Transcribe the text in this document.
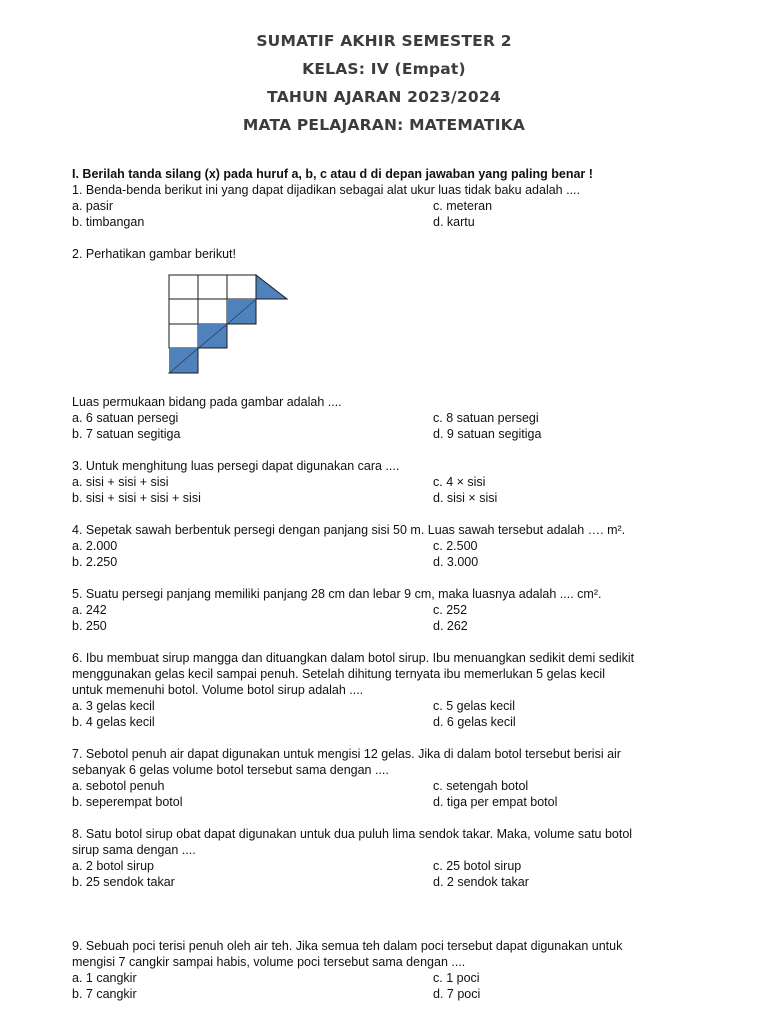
SUMATIF AKHIR SEMESTER 2
KELAS: IV (Empat)
TAHUN AJARAN 2023/2024
MATA PELAJARAN: MATEMATIKA
I. Berilah tanda silang (x) pada huruf a, b, c atau d di depan jawaban yang paling benar !
1. Benda-benda berikut ini yang dapat dijadikan sebagai alat ukur luas tidak baku adalah ....
a. pasir	c. meteran
b. timbangan	d. kartu
2. Perhatikan gambar berikut!
Luas permukaan bidang pada gambar adalah ....
a. 6 satuan persegi	c. 8 satuan persegi
b. 7 satuan segitiga	d. 9 satuan segitiga
3. Untuk menghitung luas persegi dapat digunakan cara ....
a. sisi + sisi + sisi	c. 4 × sisi
b. sisi + sisi + sisi + sisi	d. sisi × sisi
4. Sepetak sawah berbentuk persegi dengan panjang sisi 50 m. Luas sawah tersebut adalah …. m².
a. 2.000	c. 2.500
b. 2.250	d. 3.000
5. Suatu persegi panjang memiliki panjang 28 cm dan lebar 9 cm, maka luasnya adalah .... cm².
a. 242	c. 252
b. 250	d. 262
6. Ibu membuat sirup mangga dan dituangkan dalam botol sirup. Ibu menuangkan sedikit demi sedikit
menggunakan gelas kecil sampai penuh. Setelah dihitung ternyata ibu memerlukan 5 gelas kecil
untuk memenuhi botol. Volume botol sirup adalah ....
a. 3 gelas kecil	c. 5 gelas kecil
b. 4 gelas kecil	d. 6 gelas kecil
7. Sebotol penuh air dapat digunakan untuk mengisi 12 gelas. Jika di dalam botol tersebut berisi air
sebanyak 6 gelas volume botol tersebut sama dengan ....
a. sebotol penuh	c. setengah botol
b. seperempat botol	d. tiga per empat botol
8. Satu botol sirup obat dapat digunakan untuk dua puluh lima sendok takar. Maka, volume satu botol
sirup sama dengan ....
a. 2 botol sirup	c. 25 botol sirup
b. 25 sendok takar	d. 2 sendok takar
9. Sebuah poci terisi penuh oleh air teh. Jika semua teh dalam poci tersebut dapat digunakan untuk
mengisi 7 cangkir sampai habis, volume poci tersebut sama dengan ....
a. 1 cangkir	c. 1 poci
b. 7 cangkir	d. 7 poci
